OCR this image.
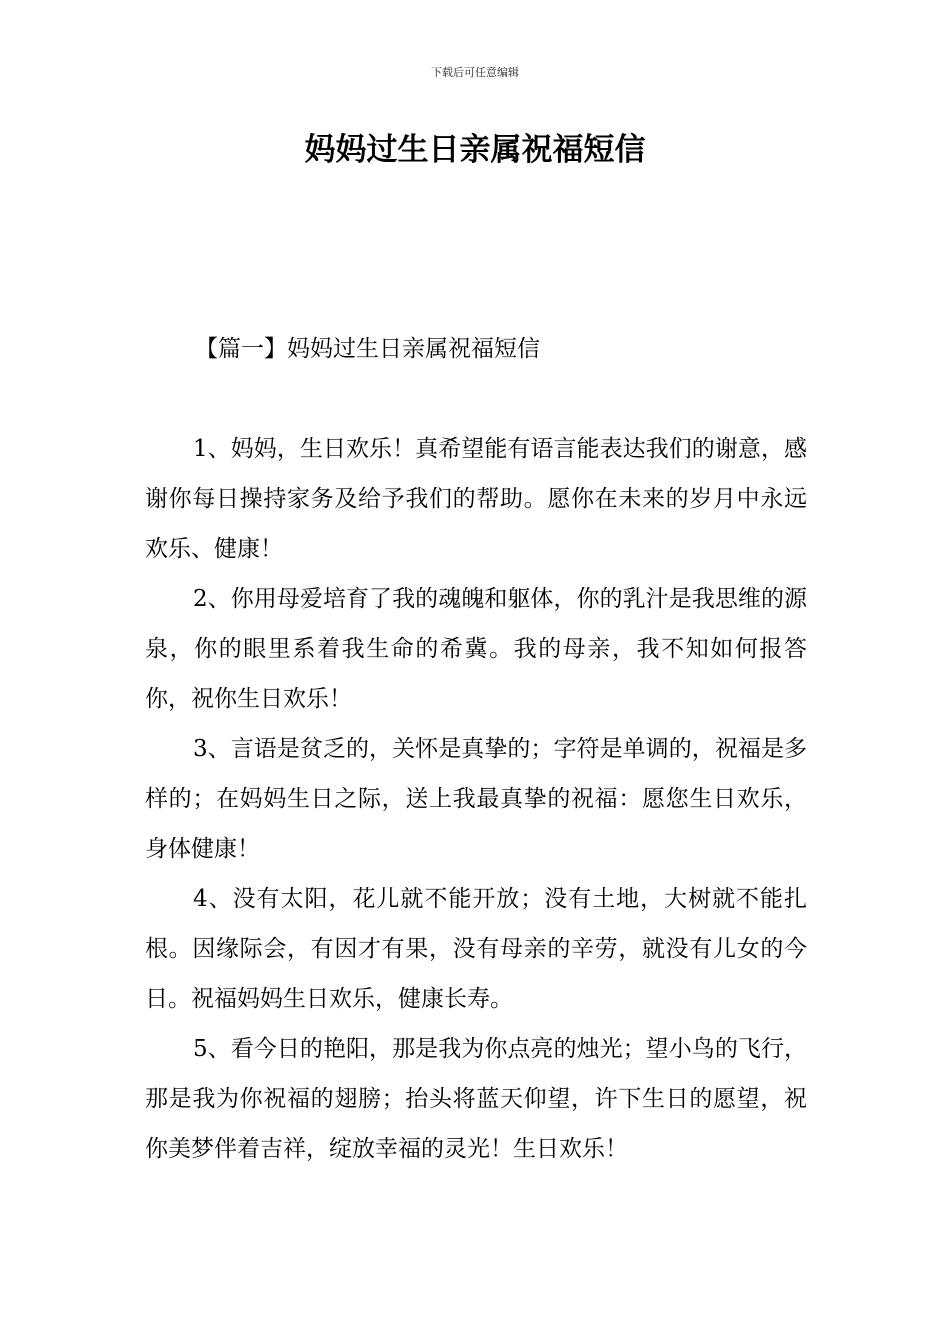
下载后可任意编辑
妈妈过生日亲属祝福短信
【篇一】妈妈过生日亲属祝福短信

1、妈妈，生日欢乐！真希望能有语言能表达我们的谢意，感谢你每日操持家务及给予我们的帮助。愿你在未来的岁月中永远欢乐、健康！

2、你用母爱培育了我的魂魄和躯体，你的乳汁是我思维的源泉，你的眼里系着我生命的希冀。我的母亲，我不知如何报答你，祝你生日欢乐！

3、言语是贫乏的，关怀是真挚的；字符是单调的，祝福是多样的；在妈妈生日之际，送上我最真挚的祝福：愿您生日欢乐，身体健康！

4、没有太阳，花儿就不能开放；没有土地，大树就不能扎根。因缘际会，有因才有果，没有母亲的辛劳，就没有儿女的今日。祝福妈妈生日欢乐，健康长寿。

5、看今日的艳阳，那是我为你点亮的烛光；望小鸟的飞行，那是我为你祝福的翅膀；抬头将蓝天仰望，许下生日的愿望，祝你美梦伴着吉祥，绽放幸福的灵光！生日欢乐！
